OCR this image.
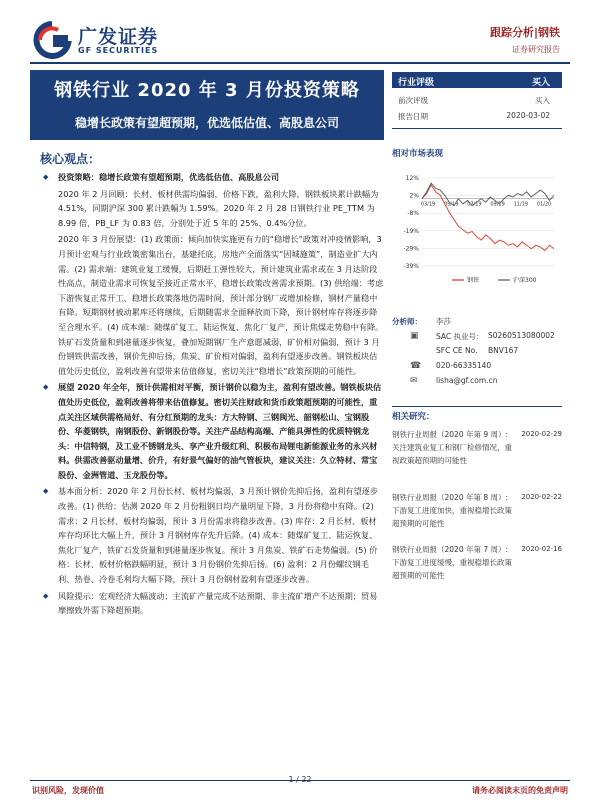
广发证券
GF SECURITIES
跟踪分析|钢铁
证券研究报告
钢铁行业 2020 年 3 月份投资策略
稳增长政策有望超预期，优选低估值、高股息公司
核心观点：

◆ 投资策略：稳增长政策有望超预期，优选低估值、高股息公司

2020 年 2 月回顾：长材、板材供需均偏弱，价格下跌，盈利大降。钢铁板块累计跌幅为 4.51%，同期沪深 300 累计跌幅为 1.59%。2020 年 2 月 28 日钢铁行业 PE_TTM 为 8.99 倍，PB_LF 为 0.83 倍，分别处于近 5 年的 25%、0.4%分位。

2020 年 3 月份展望：(1) 政策面：倾向加快实施更有力的“稳增长”政策对冲疫情影响，3 月预计宏观与行业政策密集出台，基建托底，房地产全面落实“因城施策”，制造业扩大内需。(2) 需求端：建筑业复工缓慢，后期赶工弹性较大，预计建筑业需求或在 3 月达阶段性高点，制造业需求可恢复至接近正常水平，稳增长政策改善需求预期。(3) 供给端：考虑下游恢复正常开工、稳增长政策落地仍需时间，预计部分钢厂或增加检修，钢材产量稳中有降。短期钢材被动累库还将继续，后期随需求全面释放而下降，预计钢材库存将逐步降至合理水平。(4) 成本端：随煤矿复工、陆运恢复、焦化厂复产，预计焦煤走势稳中有降。铁矿石发货量和到港量逐步恢复，叠加短期钢厂生产意愿减弱，矿价相对偏弱，预计 3 月份钢铁供需改善，钢价先抑后扬，焦炭、矿价相对偏弱，盈利有望逐步改善。钢铁板块估值处历史低位，盈利改善有望带来估值修复，密切关注“稳增长”政策预期的可能性。

◆ 展望 2020 年全年，预计供需相对平衡，预计钢价以稳为主，盈利有望改善。钢铁板块估值处历史低位，盈利改善将带来估值修复。密切关注财政和货币政策超预期的可能性，重点关注区域供需格局好、有分红预期的龙头：方大特钢、三钢闽光、韶钢松山、宝钢股份、华菱钢铁，南钢股份、新钢股份等。关注产品结构高端、产能具弹性的优质特钢龙头：中信特钢，及工业不锈钢龙头、享产业升级红利、积极布局锂电新能源业务的永兴材料。供需改善驱动量增、价升，有好景气偏好的油气管板块，建议关注：久立特材、常宝股份、金洲管道、玉龙股份等。

◆ 基本面分析：2020 年 2 月份长材、板材均偏弱，3 月预计钢价先抑后扬，盈利有望逐步改善。(1) 供给：估测 2020 年 2 月份粗钢日均产量明显下降，3 月份将稳中有降。(2) 需求：2 月长材、板材均偏弱，预计 3 月份需求将稳步改善。(3) 库存：2 月长材、板材库存均环比大幅上升，预计 3 月钢材库存先升后降。(4) 成本：随煤矿复工、陆运恢复、焦化厂复产，铁矿石发货量和到港量逐步恢复。预计 3 月焦炭、铁矿石走势偏弱。(5) 价格：长材、板材价格跌幅明显，预计 3 月份钢价先抑后扬。(6) 盈利：2 月份螺纹钢毛利、热卷、冷卷毛利均大幅下降，预计 3 月份钢材盈利有望逐步改善。

◆ 风险提示：宏观经济大幅波动；主流矿产量完成不达预期、非主流矿增产不达预期；贸易摩擦致外需下降超预期。

行业评级	买入
前次评级	买入
报告日期	2020-03-02
相对市场表现
12%
2%
-8%
-19%
-29%
-39%
03/19 05/19 07/19 09/19 11/19 01/20
钢铁	沪深300
分析师： 李莎
▣	SAC 执业号： S0260513080002
SFC CE No. BNV167
☎ 020-66335140
✉	lisha@gf.com.cn
相关研究：
钢铁行业周报（2020 年第 9 周）:关注建筑业复工和钢厂检修情况，重视政策超预期的可能性
2020-02-29
钢铁行业周报（2020 年第 8 周）:下游复工进度加快，重视稳增长政策超预期的可能性
2020-02-22
钢铁行业周报（2020 年第 7 周）:下游复工进度缓慢，重视稳增长政策超预期的可能性
2020-02-16
识别风险，发现价值	请务必阅读末页的免责声明
